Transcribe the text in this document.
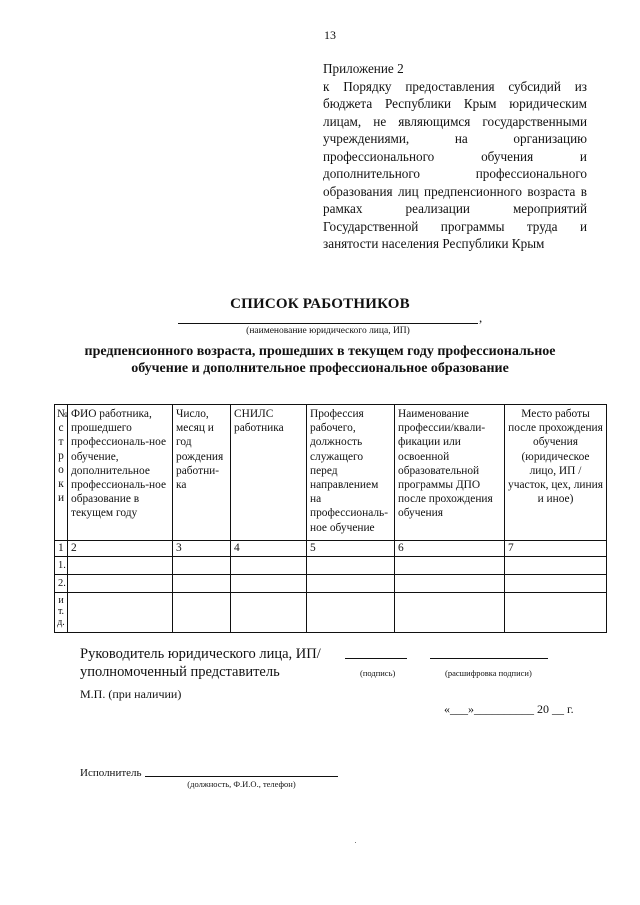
13
Приложение 2
к Порядку предоставления субсидий из бюджета Республики Крым юридическим лицам, не являющимся государственными учреждениями, на организацию профессионального обучения и дополнительного профессионального образования лиц предпенсионного возраста в рамках реализации мероприятий Государственной программы труда и занятости населения Республики Крым
СПИСОК РАБОТНИКОВ
,
(наименование юридического лица, ИП)
предпенсионного возраста, прошедших в текущем году профессиональное обучение и дополнительное профессиональное образование
№ строки	ФИО работника, прошедшего профессиональ-ное обучение, дополнительное профессиональ-ное образование в текущем году	Число, месяц и год рождения работни-ка	СНИЛС работника	Профессия рабочего, должность служащего перед направлением на профессиональ-ное обучение	Наименование профессии/квали-фикации или освоенной образовательной программы ДПО после прохождения обучения	Место работы после прохождения обучения (юридическое лицо, ИП / участок, цех, линия и иное)
1	2	3	4	5	6	7
1.						
2.						

и т. д.						

Руководитель юридического лица, ИП/
уполномоченный представитель	(подпись)	(расшифровка подписи)
М.П. (при наличии)
«___»__________ 20 __ г.
Исполнитель
(должность, Ф.И.О., телефон)
